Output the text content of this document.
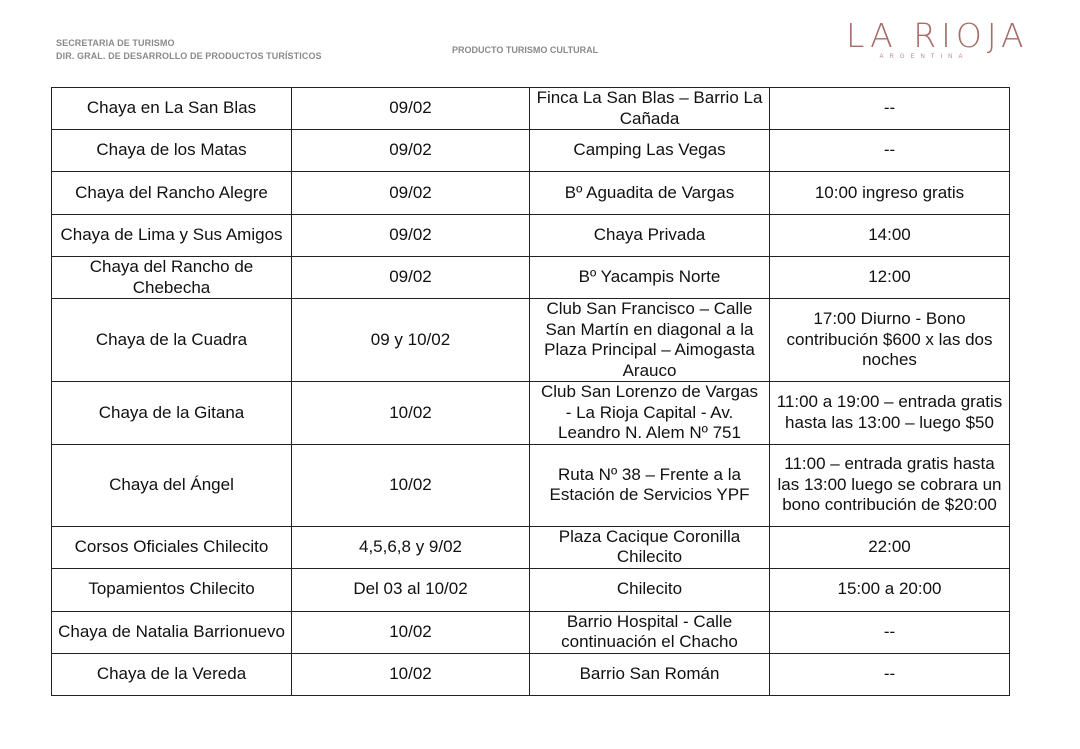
SECRETARIA DE TURISMO
DIR. GRAL. DE DESARROLLO DE PRODUCTOS TURÍSTICOS
PRODUCTO TURISMO CULTURAL	LA RIOJA
ARGENTINA
Chaya en La San Blas	09/02	Finca La San Blas – Barrio La Cañada	--
Chaya de los Matas	09/02	Camping Las Vegas	--
Chaya del Rancho Alegre	09/02	Bº Aguadita de Vargas	10:00 ingreso gratis
Chaya de Lima y Sus Amigos	09/02	Chaya Privada	14:00
Chaya del Rancho de Chebecha	09/02	Bº Yacampis Norte	12:00
Chaya de la Cuadra	09 y 10/02	Club San Francisco – Calle San Martín en diagonal a la Plaza Principal – Aimogasta Arauco	17:00 Diurno - Bono contribución $600 x las dos noches
Chaya de la Gitana	10/02	Club San Lorenzo de Vargas - La Rioja Capital - Av. Leandro N. Alem Nº 751	11:00 a 19:00 – entrada gratis hasta las 13:00 – luego $50
Chaya del Ángel	10/02	Ruta Nº 38 – Frente a la Estación de Servicios YPF	11:00 – entrada gratis hasta las 13:00 luego se cobrara un bono contribución de $20:00
Corsos Oficiales Chilecito	4,5,6,8 y 9/02	Plaza Cacique Coronilla Chilecito	22:00
Topamientos Chilecito	Del 03 al 10/02	Chilecito	15:00 a 20:00
Chaya de Natalia Barrionuevo	10/02	Barrio Hospital - Calle continuación el Chacho	--
Chaya de la Vereda	10/02	Barrio San Román	--
